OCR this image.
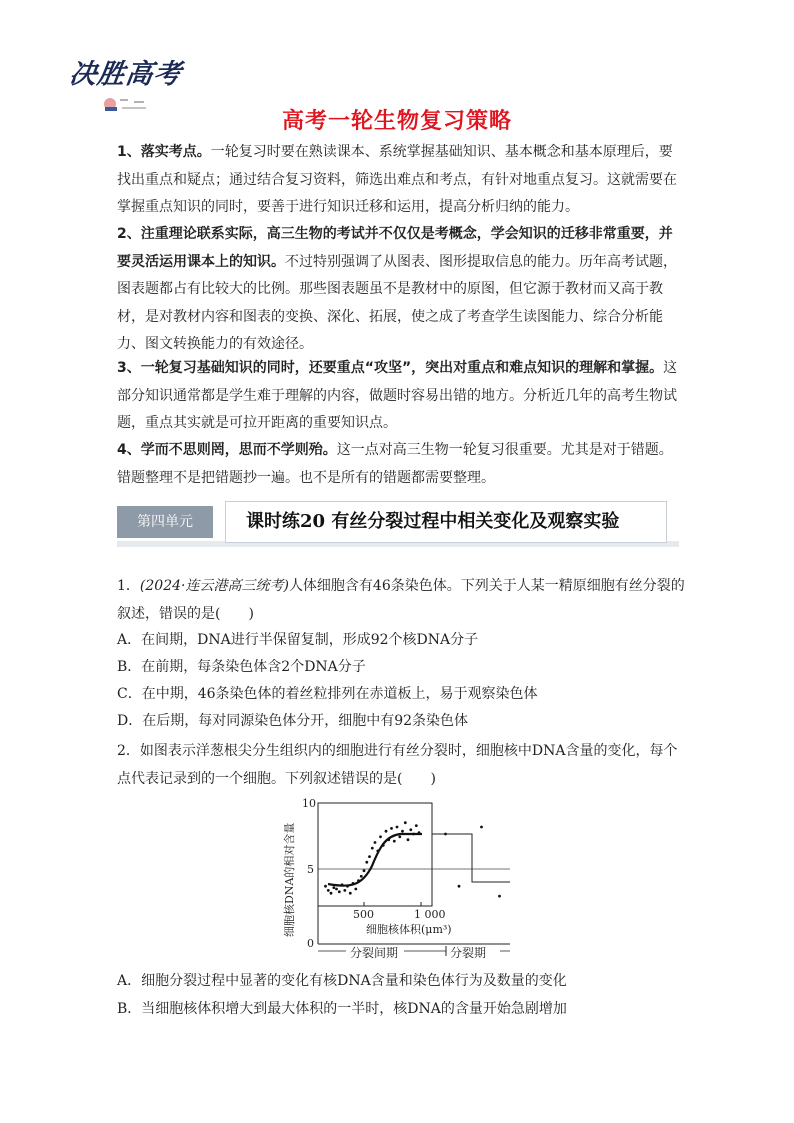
决胜高考
高考一轮生物复习策略

1、落实考点。一轮复习时要在熟读课本、系统掌握基础知识、基本概念和基本原理后，要找出重点和疑点；通过结合复习资料，筛选出难点和考点，有针对地重点复习。这就需要在掌握重点知识的同时，要善于进行知识迁移和运用，提高分析归纳的能力。

2、注重理论联系实际，高三生物的考试并不仅仅是考概念，学会知识的迁移非常重要，并要灵活运用课本上的知识。不过特别强调了从图表、图形提取信息的能力。历年高考试题，图表题都占有比较大的比例。那些图表题虽不是教材中的原图，但它源于教材而又高于教材，是对教材内容和图表的变换、深化、拓展，使之成了考查学生读图能力、综合分析能力、图文转换能力的有效途径。

3、一轮复习基础知识的同时，还要重点“攻坚”，突出对重点和难点知识的理解和掌握。这部分知识通常都是学生难于理解的内容，做题时容易出错的地方。分析近几年的高考生物试题，重点其实就是可拉开距离的重要知识点。

4、学而不思则罔，思而不学则殆。这一点对高三生物一轮复习很重要。尤其是对于错题。错题整理不是把错题抄一遍。也不是所有的错题都需要整理。

第四单元	课时练20 有丝分裂过程中相关变化及观察实验

1．(2024·连云港高三统考)人体细胞含有46条染色体。下列关于人某一精原细胞有丝分裂的叙述，错误的是(　　)

A．在间期，DNA进行半保留复制，形成92个核DNA分子
B．在前期，每条染色体含2个DNA分子
C．在中期，46条染色体的着丝粒排列在赤道板上，易于观察染色体
D．在后期，每对同源染色体分开，细胞中有92条染色体

2．如图表示洋葱根尖分生组织内的细胞进行有丝分裂时，细胞核中DNA含量的变化，每个点代表记录到的一个细胞。下列叙述错误的是(　　)

10
5
0
500	1 000
细胞核体积(μm³)
分裂间期	分裂期
细胞核DNA的相对含量
A．细胞分裂过程中显著的变化有核DNA含量和染色体行为及数量的变化
B．当细胞核体积增大到最大体积的一半时，核DNA的含量开始急剧增加
